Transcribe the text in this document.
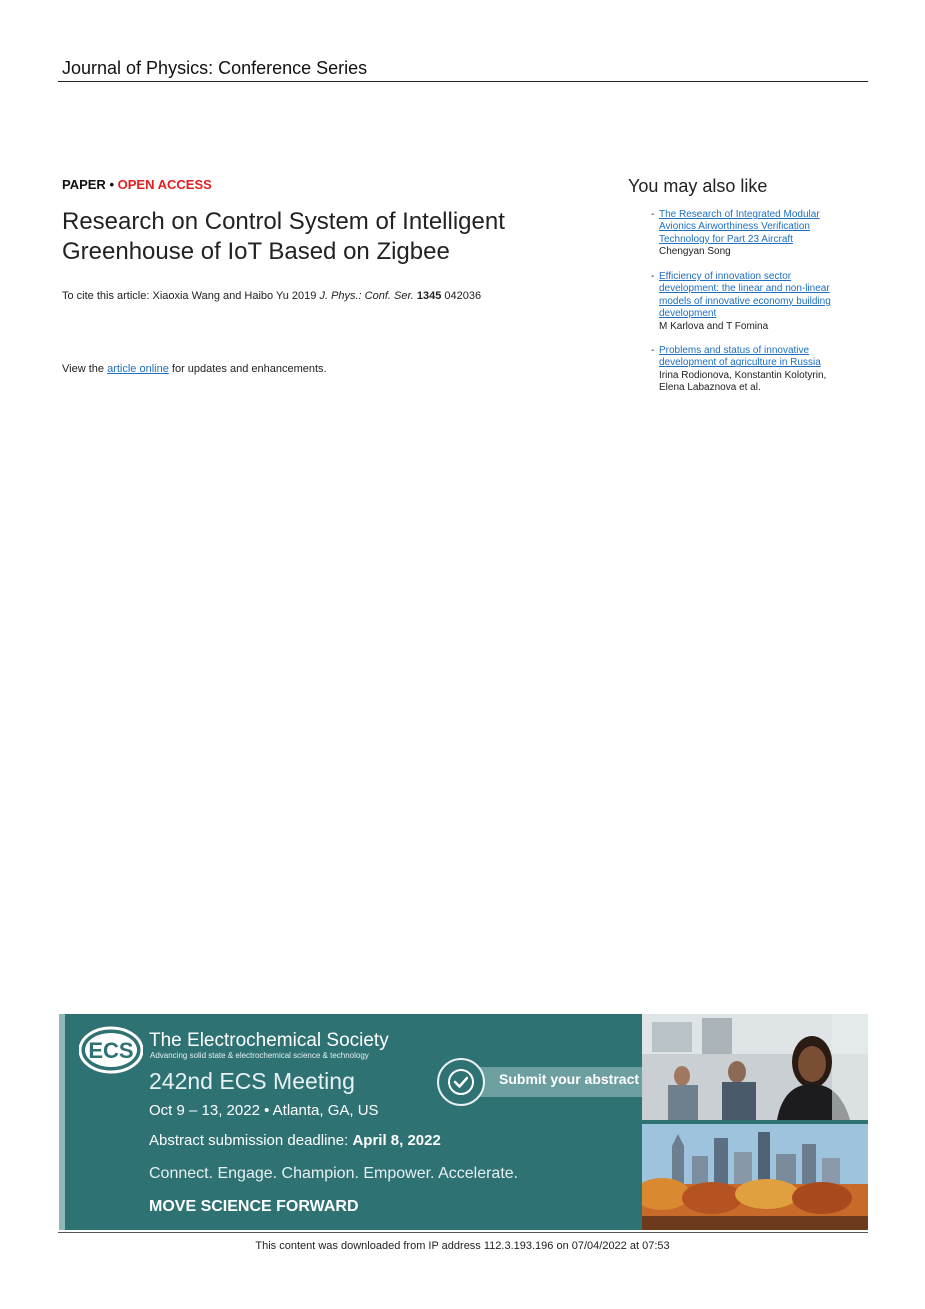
Journal of Physics: Conference Series
PAPER • OPEN ACCESS
Research on Control System of Intelligent
Greenhouse of IoT Based on Zigbee
To cite this article: Xiaoxia Wang and Haibo Yu 2019 J. Phys.: Conf. Ser. 1345 042036
View the article online for updates and enhancements.
You may also like
- The Research of Integrated Modular
Avionics Airworthiness Verification
Technology for Part 23 Aircraft
Chengyan Song
- Efficiency of innovation sector
development: the linear and non-linear
models of innovative economy building
development
M Karlova and T Fomina
- Problems and status of innovative
development of agriculture in Russia
Irina Rodionova, Konstantin Kolotyrin,
Elena Labaznova et al.
ECS The Electrochemical Society
Advancing solid state & electrochemical science & technology
242nd ECS Meeting
Oct 9 – 13, 2022 • Atlanta, GA, US
Abstract submission deadline: April 8, 2022
Connect. Engage. Champion. Empower. Accelerate.
MOVE SCIENCE FORWARD
Submit your abstract
This content was downloaded from IP address 112.3.193.196 on 07/04/2022 at 07:53
